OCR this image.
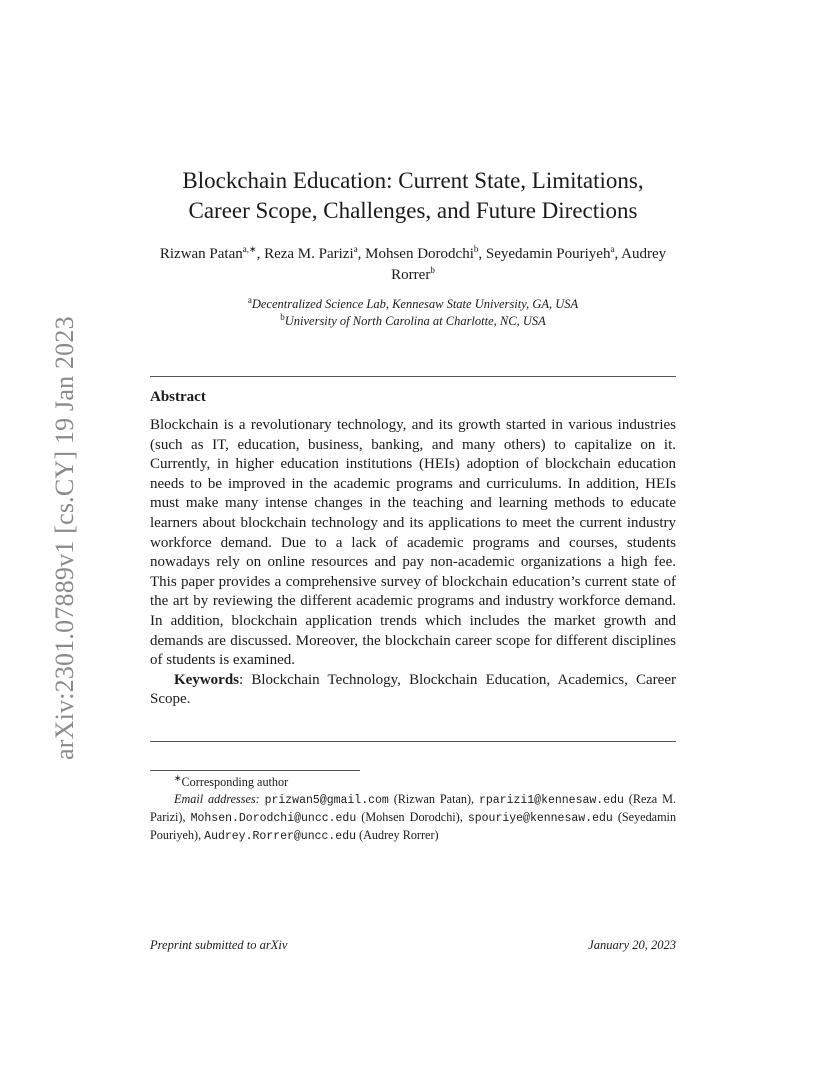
arXiv:2301.07889v1 [cs.CY] 19 Jan 2023
Blockchain Education: Current State, Limitations,
Career Scope, Challenges, and Future Directions
Rizwan Patan$^{a,∗}$, Reza M. Parizi$^a$, Mohsen Dorodchi$^b$, Seyedamin Pouriyeh$^a$, Audrey Rorrer$^b$
$^a$Decentralized Science Lab, Kennesaw State University, GA, USA
$^b$University of North Carolina at Charlotte, NC, USA
Abstract

Blockchain is a revolutionary technology, and its growth started in various industries (such as IT, education, business, banking, and many others) to capitalize on it. Currently, in higher education institutions (HEIs) adoption of blockchain education needs to be improved in the academic programs and curriculums. In addition, HEIs must make many intense changes in the teaching and learning methods to educate learners about blockchain technology and its applications to meet the current industry workforce demand. Due to a lack of academic programs and courses, students nowadays rely on online resources and pay non-academic organizations a high fee. This paper provides a comprehensive survey of blockchain education’s current state of the art by reviewing the different academic programs and industry workforce demand. In addition, blockchain application trends which includes the market growth and demands are discussed. Moreover, the blockchain career scope for different disciplines of students is examined.

Keywords: Blockchain Technology, Blockchain Education, Academics, Career Scope.

∗Corresponding author

Email addresses: prizwan5@gmail.com (Rizwan Patan), rparizi1@kennesaw.edu (Reza M. Parizi), Mohsen.Dorodchi@uncc.edu (Mohsen Dorodchi), spouriye@kennesaw.edu (Seyedamin Pouriyeh), Audrey.Rorrer@uncc.edu (Audrey Rorrer)

Preprint submitted to arXiv	January 20, 2023
